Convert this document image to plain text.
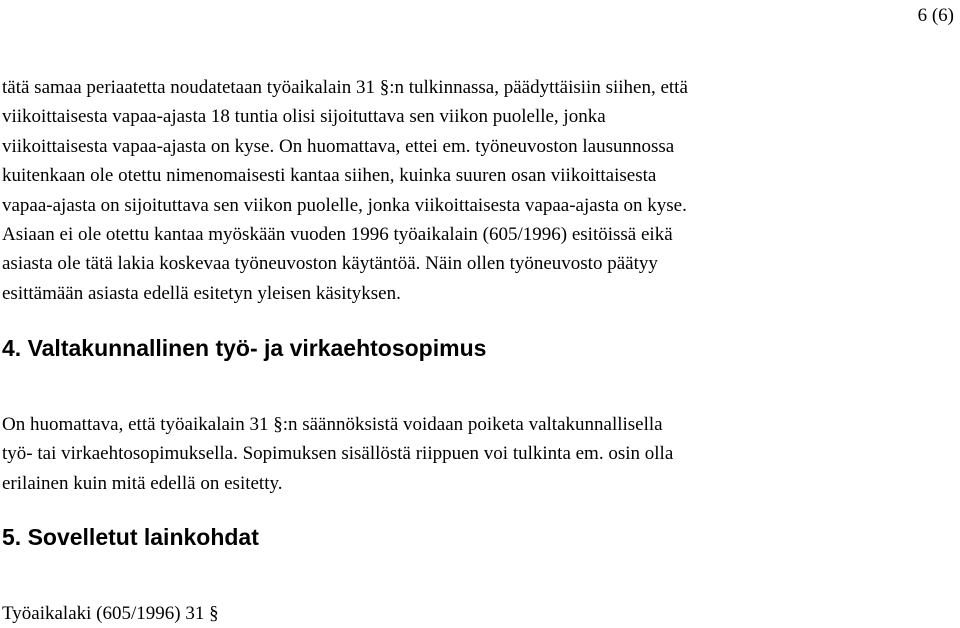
6 (6)

tätä samaa periaatetta noudatetaan työaikalain 31 §:n tulkinnassa, päädyttäisiin siihen, että
viikoittaisesta vapaa-ajasta 18 tuntia olisi sijoituttava sen viikon puolelle, jonka
viikoittaisesta vapaa-ajasta on kyse. On huomattava, ettei em. työneuvoston lausunnossa
kuitenkaan ole otettu nimenomaisesti kantaa siihen, kuinka suuren osan viikoittaisesta
vapaa-ajasta on sijoituttava sen viikon puolelle, jonka viikoittaisesta vapaa-ajasta on kyse.
Asiaan ei ole otettu kantaa myöskään vuoden 1996 työaikalain (605/1996) esitöissä eikä
asiasta ole tätä lakia koskevaa työneuvoston käytäntöä. Näin ollen työneuvosto päätyy
esittämään asiasta edellä esitetyn yleisen käsityksen.

4. Valtakunnallinen työ- ja virkaehtosopimus

On huomattava, että työaikalain 31 §:n säännöksistä voidaan poiketa valtakunnallisella
työ- tai virkaehtosopimuksella. Sopimuksen sisällöstä riippuen voi tulkinta em. osin olla
erilainen kuin mitä edellä on esitetty.

5. Sovelletut lainkohdat

Työaikalaki (605/1996) 31 §
